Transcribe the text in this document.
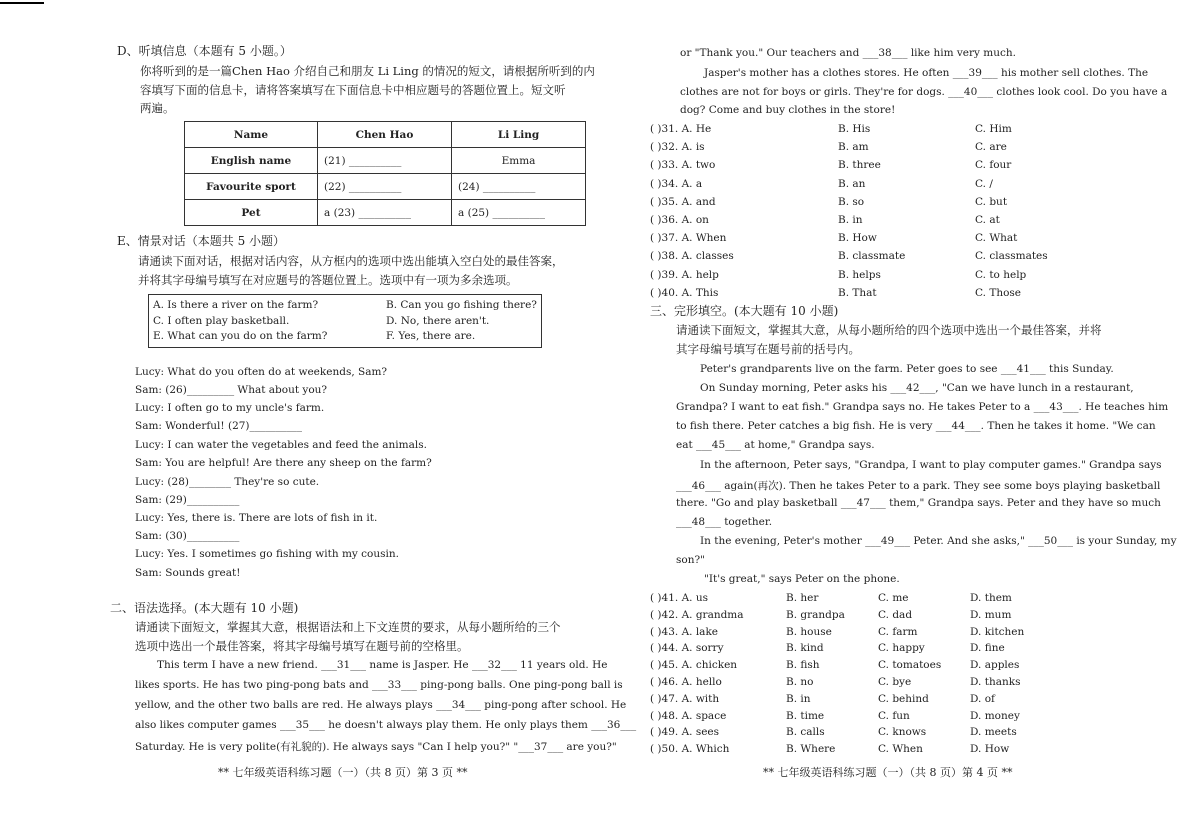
D、听填信息（本题有 5 小题。）
你将听到的是一篇Chen Hao 介绍自己和朋友 Li Ling 的情况的短文，请根据所听到的内
容填写下面的信息卡，请将答案填写在下面信息卡中相应题号的答题位置上。短文听
两遍。
Name	Chen Hao	Li Ling
English name	(21) __________	Emma
Favourite sport	(22) __________	(24) __________
Pet	a (23) __________	a (25) __________
E、情景对话（本题共 5 小题）
请通读下面对话，根据对话内容，从方框内的选项中选出能填入空白处的最佳答案，
并将其字母编号填写在对应题号的答题位置上。选项中有一项为多余选项。
A. Is there a river on the farm?	B. Can you go fishing there?
C. I often play basketball.	D. No, there aren't.
E. What can you do on the farm?	F. Yes, there are.
Lucy: What do you often do at weekends, Sam?
Sam: (26)_________ What about you?
Lucy: I often go to my uncle's farm.
Sam: Wonderful! (27)__________
Lucy: I can water the vegetables and feed the animals.
Sam: You are helpful! Are there any sheep on the farm?
Lucy: (28)________ They're so cute.
Sam: (29)__________
Lucy: Yes, there is. There are lots of fish in it.
Sam: (30)__________
Lucy: Yes. I sometimes go fishing with my cousin.
Sam: Sounds great!
二、语法选择。(本大题有 10 小题)
请通读下面短文，掌握其大意，根据语法和上下文连贯的要求，从每小题所给的三个
选项中选出一个最佳答案，将其字母编号填写在题号前的空格里。
This term I have a new friend. ___31___ name is Jasper. He ___32___ 11 years old. He
likes sports. He has two ping-pong bats and ___33___ ping-pong balls. One ping-pong ball is
yellow, and the other two balls are red. He always plays ___34___ ping-pong after school. He
also likes computer games ___35___ he doesn't always play them. He only plays them ___36___
Saturday. He is very polite(有礼貌的). He always says "Can I help you?" "___37___ are you?"
** 七年级英语科练习题（一）（共 8 页）第 3 页 **
or "Thank you." Our teachers and ___38___ like him very much.
Jasper's mother has a clothes stores. He often ___39___ his mother sell clothes. The
clothes are not for boys or girls. They're for dogs. ___40___ clothes look cool. Do you have a
dog? Come and buy clothes in the store!
( )31. A. He	B. His	C. Him
( )32. A. is	B. am	C. are
( )33. A. two	B. three	C. four
( )34. A. a	B. an	C. /
( )35. A. and	B. so	C. but
( )36. A. on	B. in	C. at
( )37. A. When	B. How	C. What
( )38. A. classes	B. classmate	C. classmates
( )39. A. help	B. helps	C. to help
( )40. A. This	B. That	C. Those
三、完形填空。(本大题有 10 小题)
请通读下面短文，掌握其大意，从每小题所给的四个选项中选出一个最佳答案，并将
其字母编号填写在题号前的括号内。
Peter's grandparents live on the farm. Peter goes to see ___41___ this Sunday.
On Sunday morning, Peter asks his ___42___, "Can we have lunch in a restaurant,
Grandpa? I want to eat fish." Grandpa says no. He takes Peter to a ___43___. He teaches him
to fish there. Peter catches a big fish. He is very ___44___. Then he takes it home. "We can
eat ___45___ at home," Grandpa says.
In the afternoon, Peter says, "Grandpa, I want to play computer games." Grandpa says
___46___ again(再次). Then he takes Peter to a park. They see some boys playing basketball
there. "Go and play basketball ___47___ them," Grandpa says. Peter and they have so much
___48___ together.
In the evening, Peter's mother ___49___ Peter. And she asks," ___50___ is your Sunday, my
son?"
"It's great," says Peter on the phone.
( )41. A. us	B. her	C. me	D. them
( )42. A. grandma	B. grandpa	C. dad	D. mum
( )43. A. lake	B. house	C. farm	D. kitchen
( )44. A. sorry	B. kind	C. happy	D. fine
( )45. A. chicken	B. fish	C. tomatoes	D. apples
( )46. A. hello	B. no	C. bye	D. thanks
( )47. A. with	B. in	C. behind	D. of
( )48. A. space	B. time	C. fun	D. money
( )49. A. sees	B. calls	C. knows	D. meets
( )50. A. Which	B. Where	C. When	D. How
** 七年级英语科练习题（一）（共 8 页）第 4 页 **
